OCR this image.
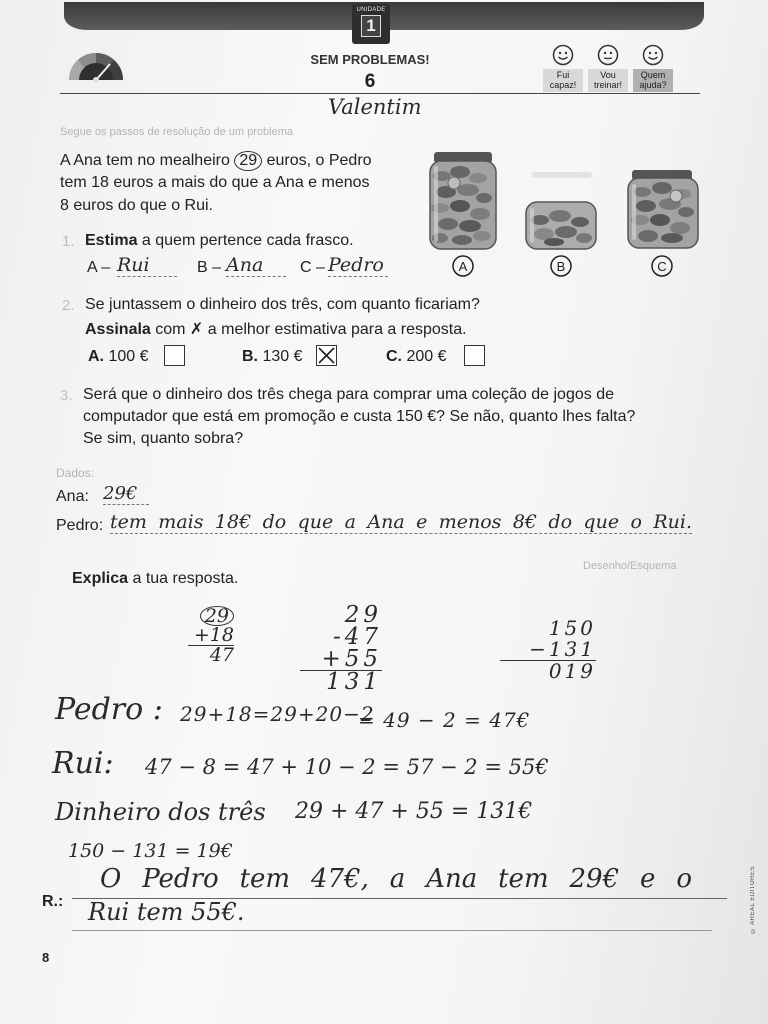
UNIDADE
1
SEM PROBLEMAS!
6	Fui capaz!
Vou treinar!
Quem ajuda?
Valentim
Segue os passos de resolução de um problema
A Ana tem no mealheiro 29 euros, o Pedro
tem 18 euros a mais do que a Ana e menos
8 euros do que o Rui.
A	B	C
1. Estima a quem pertence cada frasco.
A – Rui	B – Ana	C – Pedro
2. Se juntassem o dinheiro dos três, com quanto ficariam?
Assinala com ✗ a melhor estimativa para a resposta.
A. 100 €	B. 130 €	C. 200 €
3. Será que o dinheiro dos três chega para comprar uma coleção de jogos de
computador que está em promoção e custa 150 €? Se não, quanto lhes falta?
Se sim, quanto sobra?
Dados:
Ana: 29€
Pedro: tem mais 18€ do que a Ana e menos 8€ do que o Rui.
Desenho/Esquema
Explica a tua resposta.
29
+18
47
29
-47
+55
131
150
−131
019
Pedro : 29+18=29+20−2
= 49 − 2 = 47€
Rui: 47 − 8 = 47 + 10 − 2 = 57 − 2 = 55€
Dinheiro dos três 29 + 47 + 55 = 131€
150 − 131 = 19€
R.:
O Pedro tem 47€, a Ana tem 29€ e o
Rui tem 55€.
8
© AREAL EDITORES
